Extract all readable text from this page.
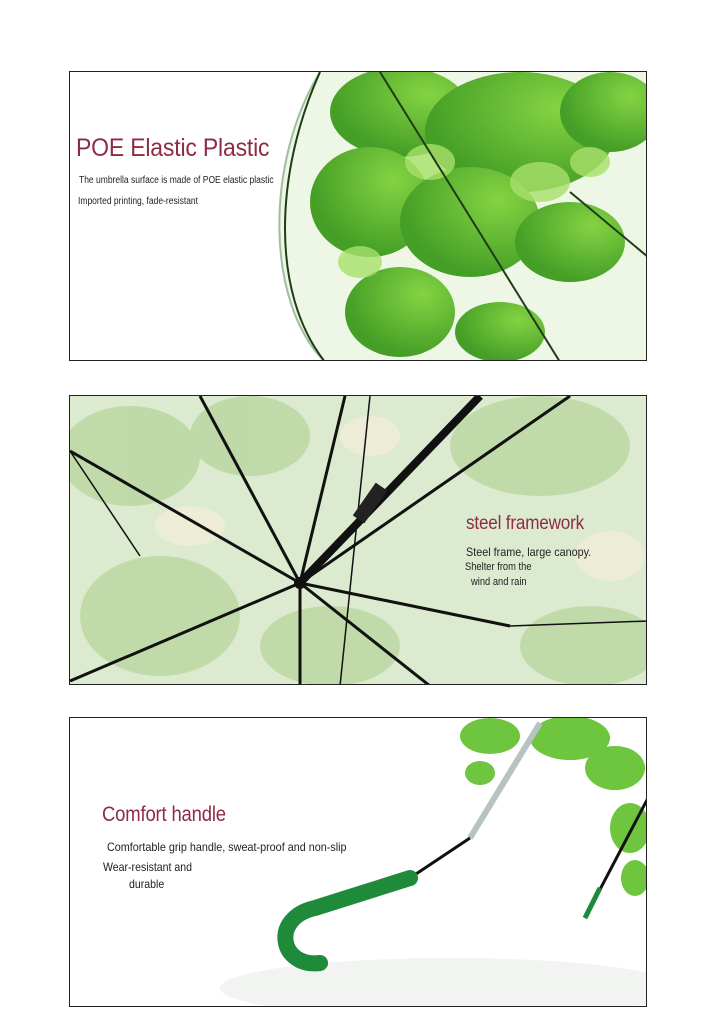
POE Elastic Plastic
The umbrella surface is made of POE elastic plastic
Imported printing, fade-resistant
steel framework
Steel frame, large canopy.
Shelter from the
wind and rain
Comfort handle
Comfortable grip handle, sweat-proof and non-slip
Wear-resistant and
durable
